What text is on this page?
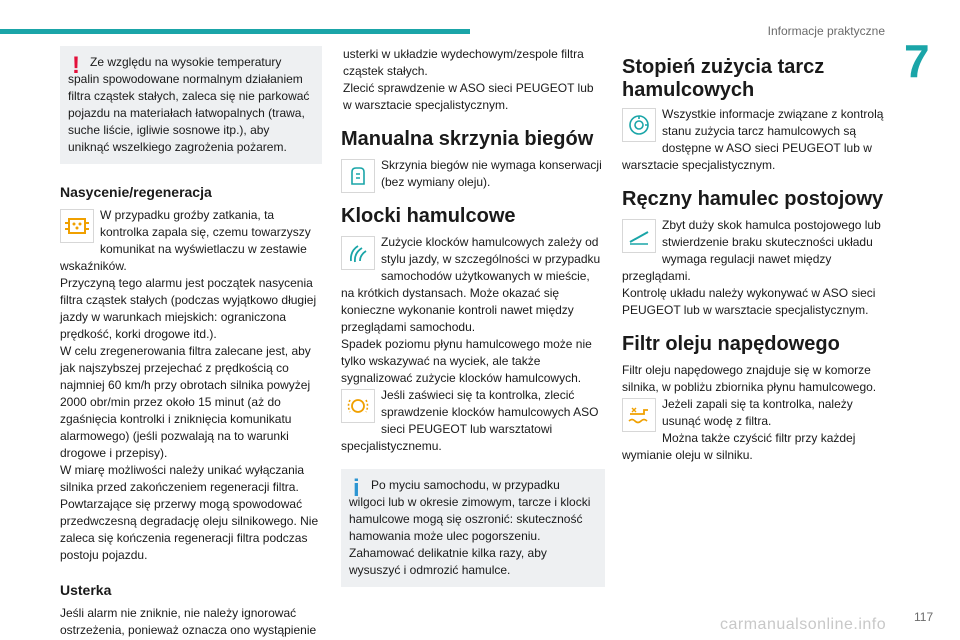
Informacje praktyczne
7
! Ze względu na wysokie temperatury spalin spowodowane normalnym działaniem filtra cząstek stałych, zaleca się nie parkować pojazdu na materiałach łatwopalnych (trawa, suche liście, igliwie sosnowe itp.), aby uniknąć wszelkiego zagrożenia pożarem.

Nasycenie/regeneracja

W przypadku groźby zatkania, ta kontrolka zapala się, czemu towarzyszy komunikat na wyświetlaczu w zestawie wskaźników.

Przyczyną tego alarmu jest początek nasycenia filtra cząstek stałych (podczas wyjątkowo długiej jazdy w warunkach miejskich: ograniczona prędkość, korki drogowe itd.).

W celu zregenerowania filtra zalecane jest, aby jak najszybszej przejechać z prędkością co najmniej 60 km/h przy obrotach silnika powyżej 2000 obr/min przez około 15 minut (aż do zgaśnięcia kontrolki i zniknięcia komunikatu alarmowego) (jeśli pozwalają na to warunki drogowe i przepisy).

W miarę możliwości należy unikać wyłączania silnika przed zakończeniem regeneracji filtra. Powtarzające się przerwy mogą spowodować przedwczesną degradację oleju silnikowego. Nie zaleca się kończenia regeneracji filtra podczas postoju pojazdu.

Usterka

Jeśli alarm nie zniknie, nie należy ignorować ostrzeżenia, ponieważ oznacza ono wystąpienie

usterki w układzie wydechowym/zespole filtra cząstek stałych.

Zlecić sprawdzenie w ASO sieci PEUGEOT lub w warsztacie specjalistycznym.

Manualna skrzynia biegów

Skrzynia biegów nie wymaga konserwacji (bez wymiany oleju).

Klocki hamulcowe

Zużycie klocków hamulcowych zależy od stylu jazdy, w szczególności w przypadku samochodów użytkowanych w mieście, na krótkich dystansach. Może okazać się konieczne wykonanie kontroli nawet między przeglądami samochodu.

Spadek poziomu płynu hamulcowego może nie tylko wskazywać na wyciek, ale także sygnalizować zużycie klocków hamulcowych.

Jeśli zaświeci się ta kontrolka, zlecić sprawdzenie klocków hamulcowych ASO sieci PEUGEOT lub warsztatowi specjalistycznemu.

i Po myciu samochodu, w przypadku wilgoci lub w okresie zimowym, tarcze i klocki hamulcowe mogą się oszronić: skuteczność hamowania może ulec pogorszeniu. Zahamować delikatnie kilka razy, aby wysuszyć i odmrozić hamulce.

Stopień zużycia tarcz hamulcowych

Wszystkie informacje związane z kontrolą stanu zużycia tarcz hamulcowych są dostępne w ASO sieci PEUGEOT lub w warsztacie specjalistycznym.

Ręczny hamulec postojowy

Zbyt duży skok hamulca postojowego lub stwierdzenie braku skuteczności układu wymaga regulacji nawet między przeglądami.

Kontrolę układu należy wykonywać w ASO sieci PEUGEOT lub w warsztacie specjalistycznym.

Filtr oleju napędowego

Filtr oleju napędowego znajduje się w komorze silnika, w pobliżu zbiornika płynu hamulcowego.

Jeżeli zapali się ta kontrolka, należy usunąć wodę z filtra.

Można także czyścić filtr przy każdej wymianie oleju w silniku.

carmanualsonline.info 117
